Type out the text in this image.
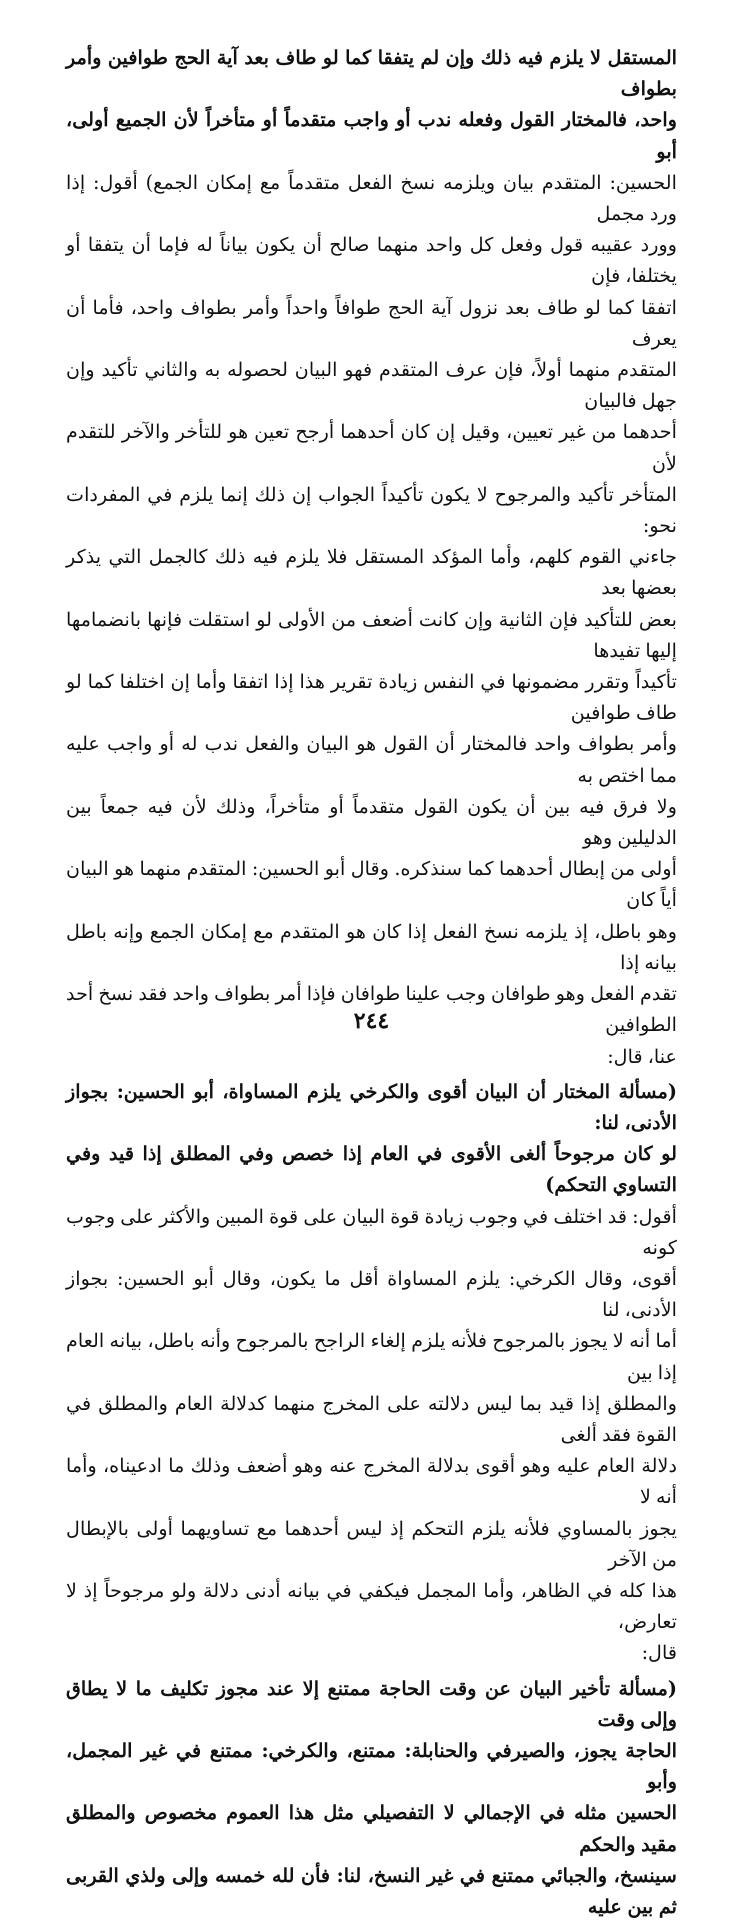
المستقل لا يلزم فيه ذلك وإن لم يتفقا كما لو طاف بعد آية الحج طوافين وأمر بطواف
واحد، فالمختار القول وفعله ندب أو واجب متقدماً أو متأخراً لأن الجميع أولى، أبو
الحسين: المتقدم بيان ويلزمه نسخ الفعل متقدماً مع إمكان الجمع) أقول: إذا ورد مجمل
وورد عقيبه قول وفعل كل واحد منهما صالح أن يكون بياناً له فإما أن يتفقا أو يختلفا، فإن
اتفقا كما لو طاف بعد نزول آية الحج طوافاً واحداً وأمر بطواف واحد، فأما أن يعرف
المتقدم منهما أولاً، فإن عرف المتقدم فهو البيان لحصوله به والثاني تأكيد وإن جهل فالبيان
أحدهما من غير تعيين، وقيل إن كان أحدهما أرجح تعين هو للتأخر والآخر للتقدم لأن
المتأخر تأكيد والمرجوح لا يكون تأكيداً الجواب إن ذلك إنما يلزم في المفردات نحو:
جاءني القوم كلهم، وأما المؤكد المستقل فلا يلزم فيه ذلك كالجمل التي يذكر بعضها بعد
بعض للتأكيد فإن الثانية وإن كانت أضعف من الأولى لو استقلت فإنها بانضمامها إليها تفيدها
تأكيداً وتقرر مضمونها في النفس زيادة تقرير هذا إذا اتفقا وأما إن اختلفا كما لو طاف طوافين
وأمر بطواف واحد فالمختار أن القول هو البيان والفعل ندب له أو واجب عليه مما اختص به
ولا فرق فيه بين أن يكون القول متقدماً أو متأخراً، وذلك لأن فيه جمعاً بين الدليلين وهو
أولى من إبطال أحدهما كما سنذكره. وقال أبو الحسين: المتقدم منهما هو البيان أياً كان
وهو باطل، إذ يلزمه نسخ الفعل إذا كان هو المتقدم مع إمكان الجمع وإنه باطل بيانه إذا
تقدم الفعل وهو طوافان وجب علينا طوافان فإذا أمر بطواف واحد فقد نسخ أحد الطوافين
عنا، قال:

(مسألة المختار أن البيان أقوى والكرخي يلزم المساواة، أبو الحسين: بجواز الأدنى، لنا:
لو كان مرجوحاً ألغى الأقوى في العام إذا خصص وفي المطلق إذا قيد وفي التساوي التحكم)

أقول: قد اختلف في وجوب زيادة قوة البيان على قوة المبين والأكثر على وجوب كونه
أقوى، وقال الكرخي: يلزم المساواة أقل ما يكون، وقال أبو الحسين: بجواز الأدنى، لنا
أما أنه لا يجوز بالمرجوح فلأنه يلزم إلغاء الراجح بالمرجوح وأنه باطل، بيانه العام إذا بين
والمطلق إذا قيد بما ليس دلالته على المخرج منهما كدلالة العام والمطلق في القوة فقد ألغى
دلالة العام عليه وهو أقوى بدلالة المخرج عنه وهو أضعف وذلك ما ادعيناه، وأما أنه لا
يجوز بالمساوي فلأنه يلزم التحكم إذ ليس أحدهما مع تساويهما أولى بالإبطال من الآخر
هذا كله في الظاهر، وأما المجمل فيكفي في بيانه أدنى دلالة ولو مرجوحاً إذ لا تعارض،
قال:

(مسألة تأخير البيان عن وقت الحاجة ممتنع إلا عند مجوز تكليف ما لا يطاق وإلى وقت
الحاجة يجوز، والصيرفي والحنابلة: ممتنع، والكرخي: ممتنع في غير المجمل، وأبو
الحسين مثله في الإجمالي لا التفصيلي مثل هذا العموم مخصوص والمطلق مقيد والحكم
سينسخ، والجبائي ممتنع في غير النسخ، لنا: فأن لله خمسه وإلى ولذي القربى ثم بين عليه

٢٤٤
